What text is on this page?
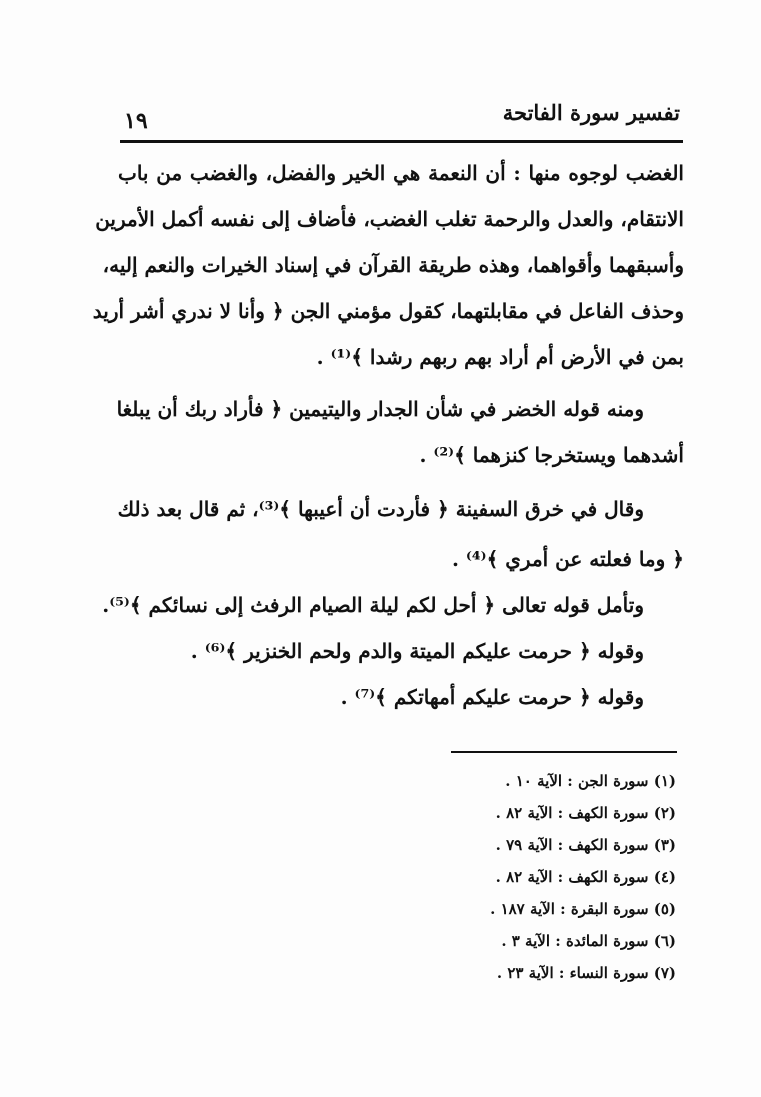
تفسير سورة الفاتحة
١٩
الغضب لوجوه منها : أن النعمة هي الخير والفضل، والغضب من باب
الانتقام، والعدل والرحمة تغلب الغضب، فأضاف إلى نفسه أكمل الأمرين
وأسبقهما وأقواهما، وهذه طريقة القرآن في إسناد الخيرات والنعم إليه،
وحذف الفاعل في مقابلتهما، كقول مؤمني الجن ﴿ وأنا لا ندري أشر أريد
بمن في الأرض أم أراد بهم ربهم رشدا ﴾⁽¹⁾ .
ومنه قوله الخضر في شأن الجدار واليتيمين ﴿ فأراد ربك أن يبلغا
أشدهما ويستخرجا كنزهما ﴾⁽²⁾ .
وقال في خرق السفينة ﴿ فأردت أن أعيبها ﴾⁽³⁾، ثم قال بعد ذلك
﴿ وما فعلته عن أمري ﴾⁽⁴⁾ .
وتأمل قوله تعالى ﴿ أحل لكم ليلة الصيام الرفث إلى نسائكم ﴾⁽⁵⁾.
وقوله ﴿ حرمت عليكم الميتة والدم ولحم الخنزير ﴾⁽⁶⁾ .
وقوله ﴿ حرمت عليكم أمهاتكم ﴾⁽⁷⁾ .
(١) سورة الجن : الآية ١٠ .
(٢) سورة الكهف : الآية ٨٢ .
(٣) سورة الكهف : الآية ٧٩ .
(٤) سورة الكهف : الآية ٨٢ .
(٥) سورة البقرة : الآية ١٨٧ .
(٦) سورة المائدة : الآية ٣ .
(٧) سورة النساء : الآية ٢٣ .
